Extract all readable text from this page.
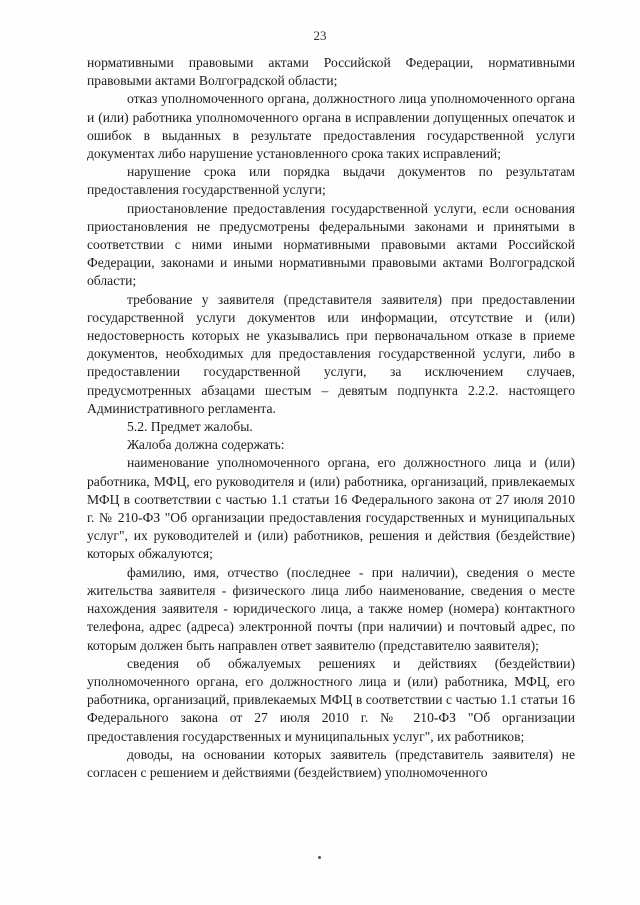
23

нормативными правовыми актами Российской Федерации, нормативными правовыми актами Волгоградской области;

отказ уполномоченного органа, должностного лица уполномоченного органа и (или) работника уполномоченного органа в исправлении допущенных опечаток и ошибок в выданных в результате предоставления государственной услуги документах либо нарушение установленного срока таких исправлений;

нарушение срока или порядка выдачи документов по результатам предоставления государственной услуги;

приостановление предоставления государственной услуги, если основания приостановления не предусмотрены федеральными законами и принятыми в соответствии с ними иными нормативными правовыми актами Российской Федерации, законами и иными нормативными правовыми актами Волгоградской области;

требование у заявителя (представителя заявителя) при предоставлении государственной услуги документов или информации, отсутствие и (или) недостоверность которых не указывались при первоначальном отказе в приеме документов, необходимых для предоставления государственной услуги, либо в предоставлении государственной услуги, за исключением случаев, предусмотренных абзацами шестым – девятым подпункта 2.2.2. настоящего Административного регламента.

5.2. Предмет жалобы.

Жалоба должна содержать:

наименование уполномоченного органа, его должностного лица и (или) работника, МФЦ, его руководителя и (или) работника, организаций, привлекаемых МФЦ в соответствии с частью 1.1 статьи 16 Федерального закона от 27 июля 2010 г. № 210-ФЗ "Об организации предоставления государственных и муниципальных услуг", их руководителей и (или) работников, решения и действия (бездействие) которых обжалуются;

фамилию, имя, отчество (последнее - при наличии), сведения о месте жительства заявителя - физического лица либо наименование, сведения о месте нахождения заявителя - юридического лица, а также номер (номера) контактного телефона, адрес (адреса) электронной почты (при наличии) и почтовый адрес, по которым должен быть направлен ответ заявителю (представителю заявителя);

сведения об обжалуемых решениях и действиях (бездействии) уполномоченного органа, его должностного лица и (или) работника, МФЦ, его работника, организаций, привлекаемых МФЦ в соответствии с частью 1.1 статьи 16 Федерального закона от 27 июля 2010 г. № 210-ФЗ "Об организации предоставления государственных и муниципальных услуг", их работников;

доводы, на основании которых заявитель (представитель заявителя) не согласен с решением и действиями (бездействием) уполномоченного
